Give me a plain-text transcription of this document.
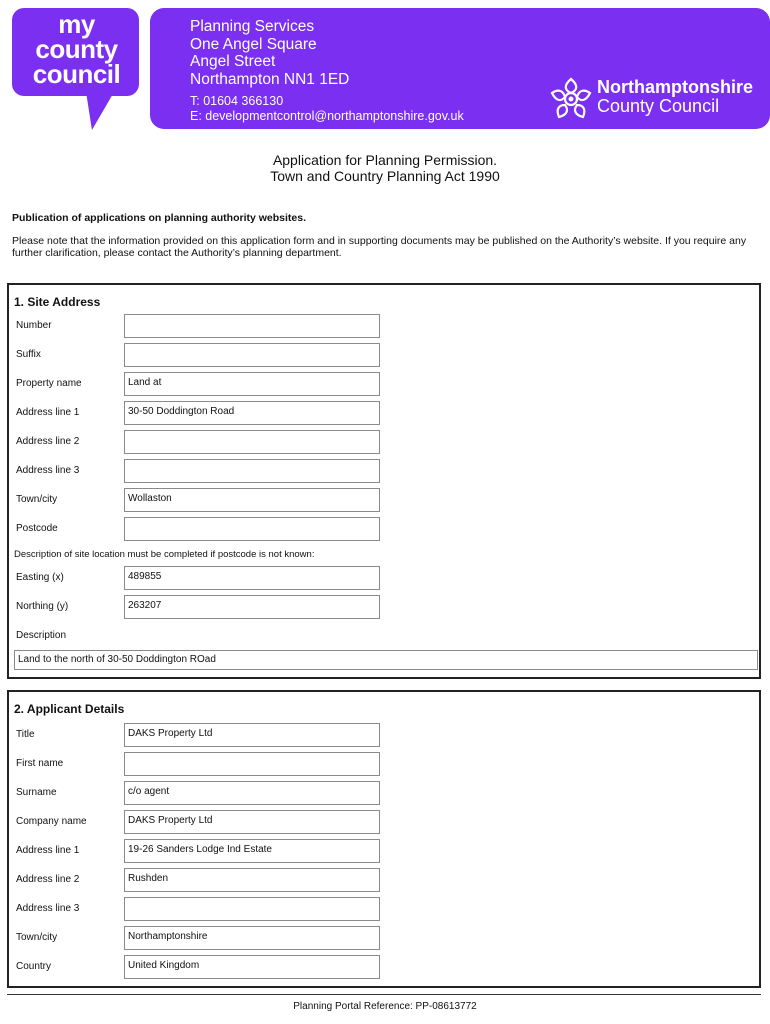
my
county
council
Planning Services
One Angel Square
Angel Street
Northampton NN1 1ED
T: 01604 366130
E: developmentcontrol@northamptonshire.gov.uk
Northamptonshire
County Council
Application for Planning Permission.
Town and Country Planning Act 1990
Publication of applications on planning authority websites.
Please note that the information provided on this application form and in supporting documents may be published on the Authority’s website. If you require any further clarification, please contact the Authority’s planning department.
1. Site Address
Number
Suffix
Property name	Land at
Address line 1	30-50 Doddington Road
Address line 2
Address line 3
Town/city	Wollaston
Postcode
Description of site location must be completed if postcode is not known:
Easting (x)	489855
Northing (y)	263207
Description
Land to the north of 30-50 Doddington ROad
2. Applicant Details
Title	DAKS Property Ltd
First name
Surname	c/o agent
Company name	DAKS Property Ltd
Address line 1	19-26 Sanders Lodge Ind Estate
Address line 2	Rushden
Address line 3
Town/city	Northamptonshire
Country	United Kingdom
Planning Portal Reference: PP-08613772
